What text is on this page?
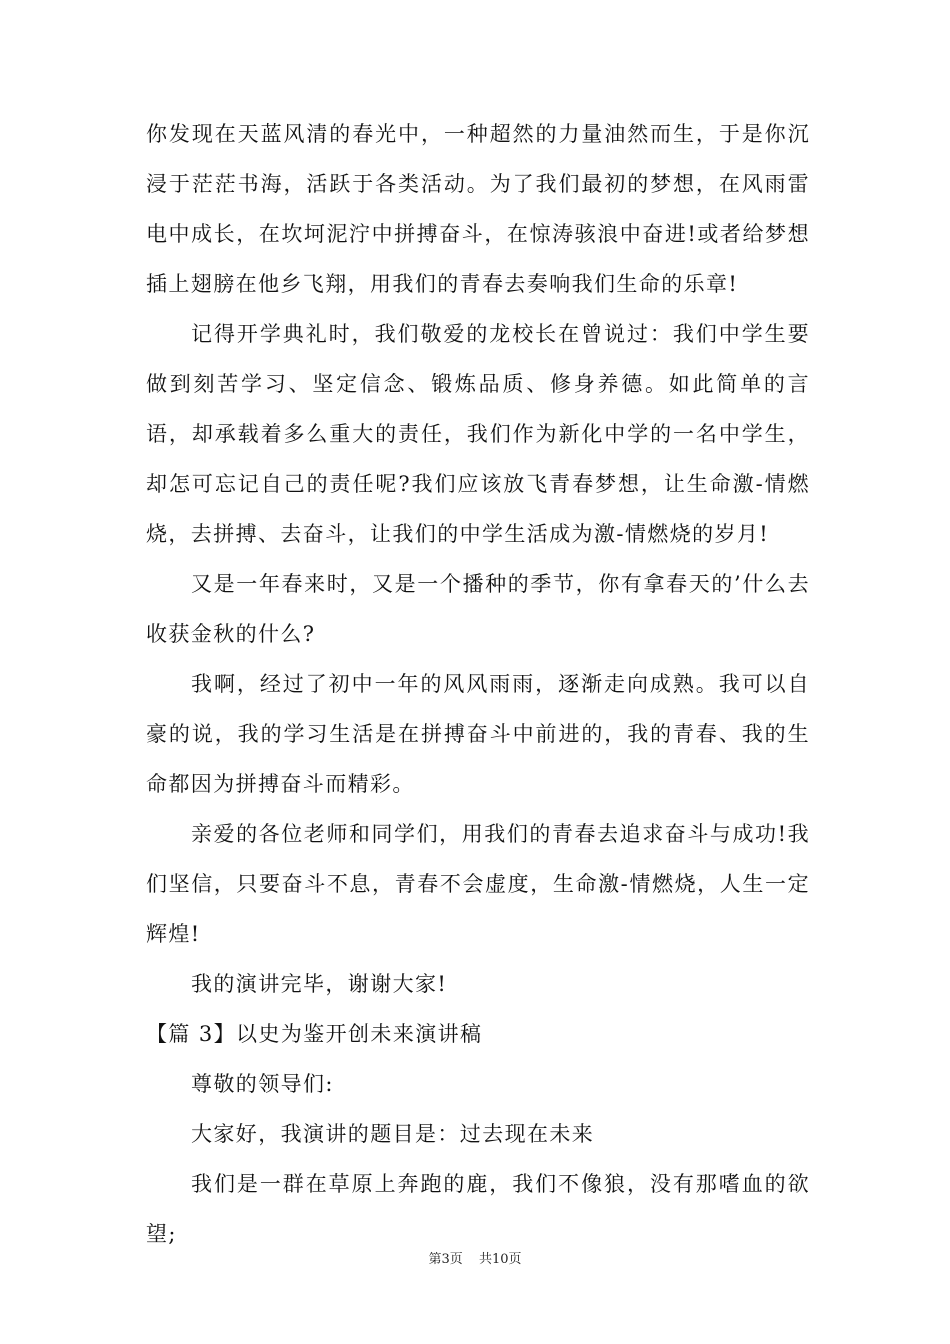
你发现在天蓝风清的春光中，一种超然的力量油然而生，于是你沉浸于茫茫书海，活跃于各类活动。为了我们最初的梦想，在风雨雷电中成长，在坎坷泥泞中拼搏奋斗，在惊涛骇浪中奋进!或者给梦想插上翅膀在他乡飞翔，用我们的青春去奏响我们生命的乐章!

记得开学典礼时，我们敬爱的龙校长在曾说过：我们中学生要做到刻苦学习、坚定信念、锻炼品质、修身养德。如此简单的言语，却承载着多么重大的责任，我们作为新化中学的一名中学生，却怎可忘记自己的责任呢?我们应该放飞青春梦想，让生命激-情燃烧，去拼搏、去奋斗，让我们的中学生活成为激-情燃烧的岁月!

又是一年春来时，又是一个播种的季节，你有拿春天的’什么去收获金秋的什么?

我啊，经过了初中一年的风风雨雨，逐渐走向成熟。我可以自豪的说，我的学习生活是在拼搏奋斗中前进的，我的青春、我的生命都因为拼搏奋斗而精彩。

亲爱的各位老师和同学们，用我们的青春去追求奋斗与成功!我们坚信，只要奋斗不息，青春不会虚度，生命激-情燃烧，人生一定辉煌!

我的演讲完毕，谢谢大家!

【篇 3】以史为鉴开创未来演讲稿

尊敬的领导们:

大家好，我演讲的题目是：过去现在未来

我们是一群在草原上奔跑的鹿，我们不像狼，没有那嗜血的欲望;

第3页 共10页
